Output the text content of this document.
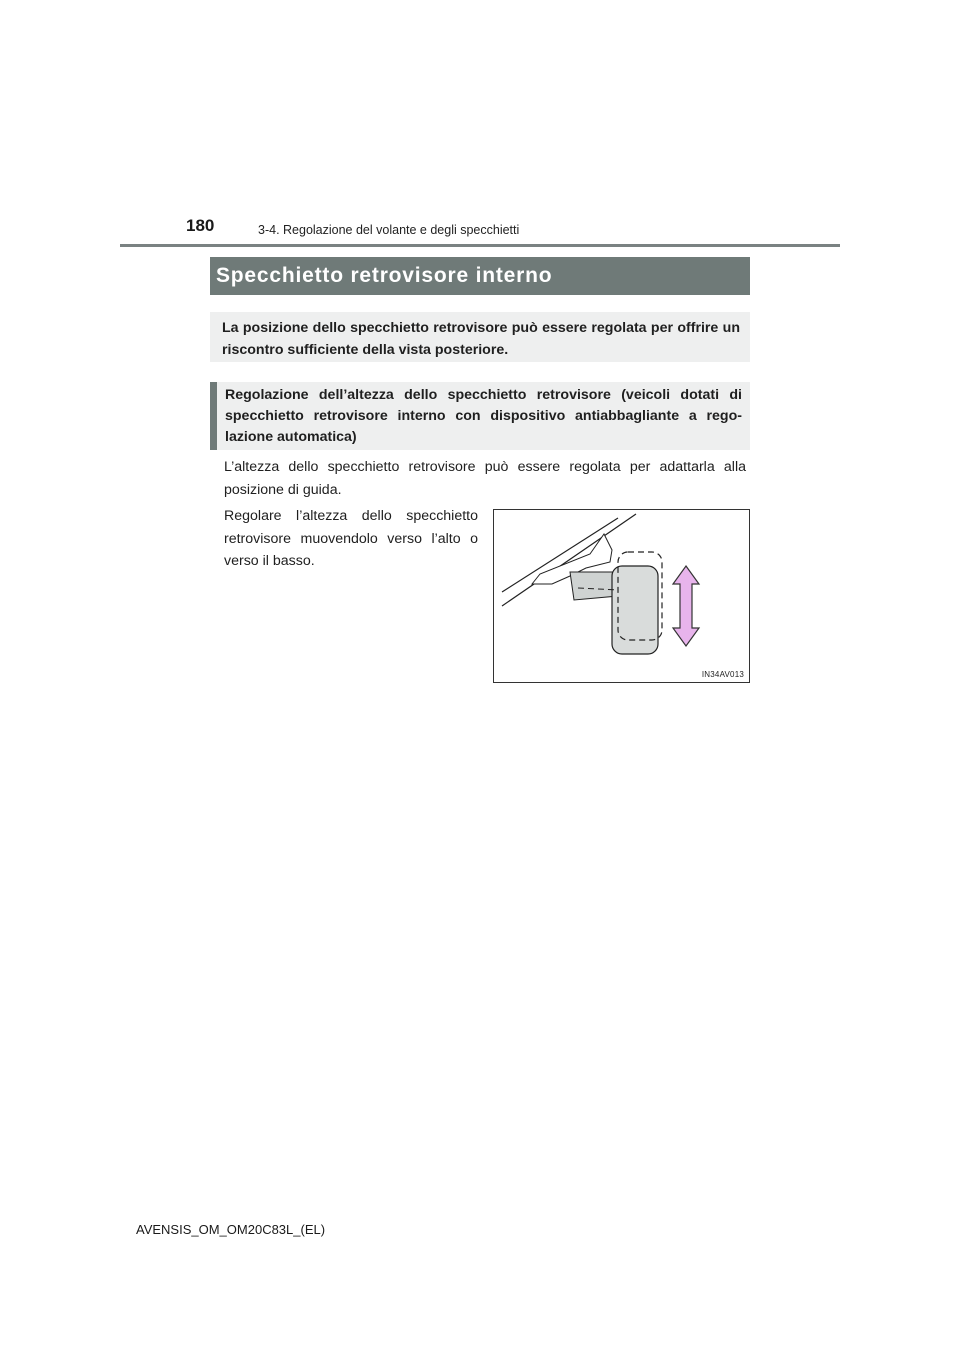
180	3-4. Regolazione del volante e degli specchietti
Specchietto retrovisore interno
La posizione dello specchietto retrovisore può essere regolata per offrire un riscontro sufficiente della vista posteriore.
Regolazione dell’altezza dello specchietto retrovisore (veicoli dotati di specchietto retrovisore interno con dispositivo antiabbagliante a rego-lazione automatica)
L’altezza dello specchietto retrovisore può essere regolata per adattarla alla posizione di guida.
Regolare l’altezza dello specchietto retrovisore muovendolo verso l’alto o verso il basso.
IN34AV013
AVENSIS_OM_OM20C83L_(EL)
